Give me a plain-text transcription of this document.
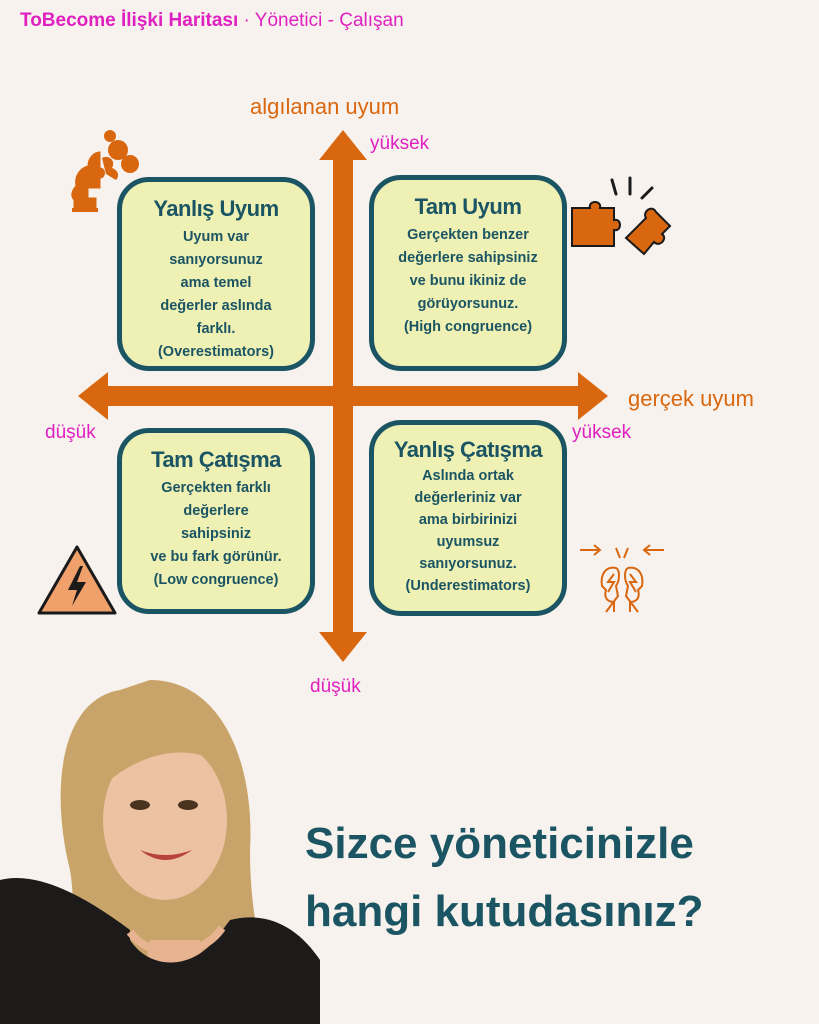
ToBecome İlişki Haritası · Yönetici - Çalışan
algılanan uyum
gerçek uyum
yüksek
düşük
yüksek
düşük
Yanlış Uyum
Uyum var
sanıyorsunuz
ama temel
değerler aslında
farklı.
(Overestimators)
Tam Uyum
Gerçekten benzer
değerlere sahipsiniz
ve bunu ikiniz de
görüyorsunuz.
(High congruence)
Tam Çatışma
Gerçekten farklı
değerlere
sahipsiniz
ve bu fark görünür.
(Low congruence)
Yanlış Çatışma
Aslında ortak
değerleriniz var
ama birbirinizi
uyumsuz
sanıyorsunuz.
(Underestimators)
Sizce yöneticinizle
hangi kutudasınız?
